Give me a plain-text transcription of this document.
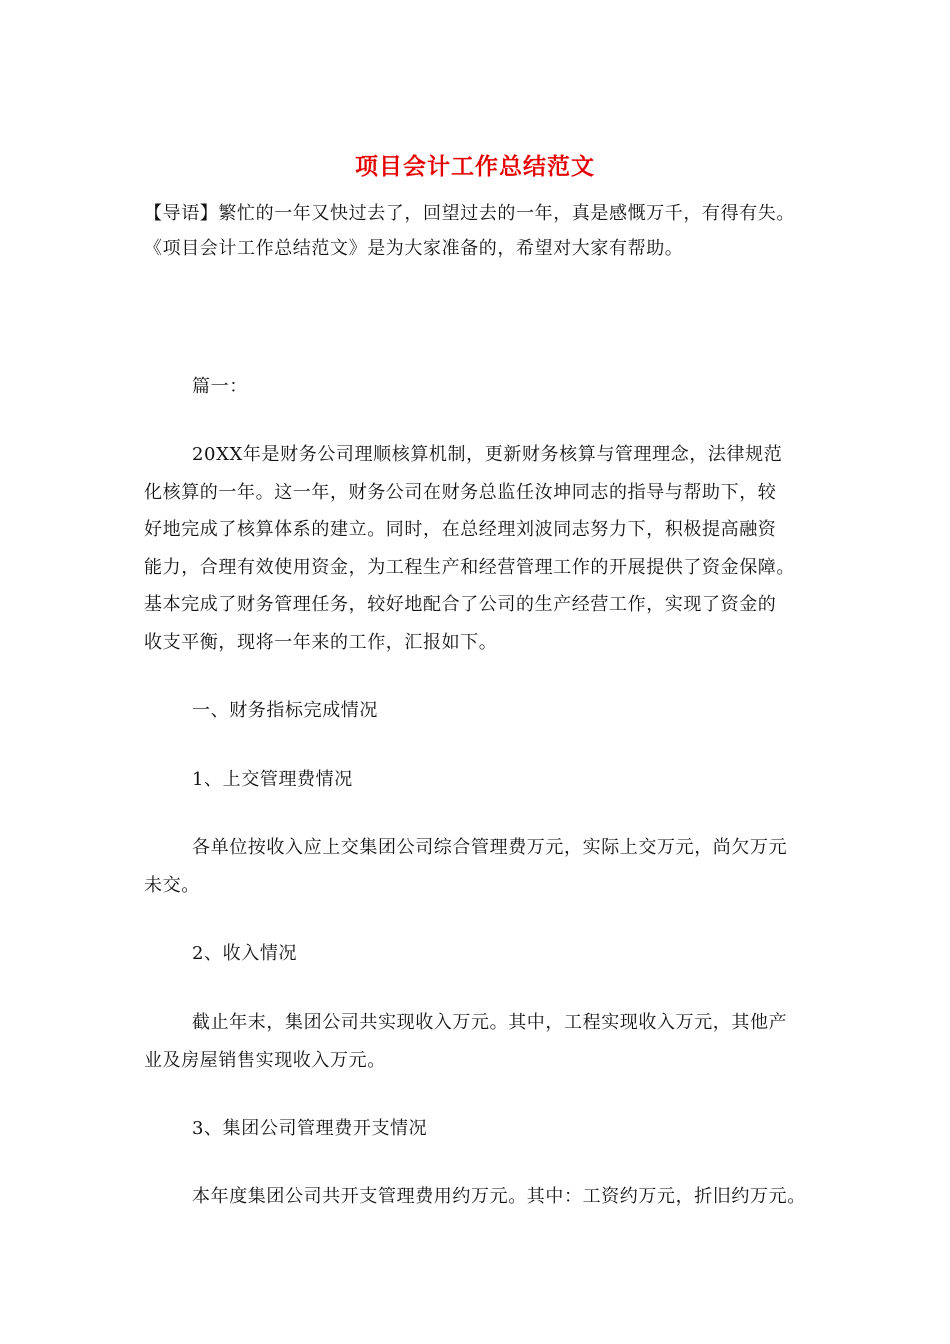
项目会计工作总结范文
【导语】繁忙的一年又快过去了，回望过去的一年，真是感慨万千，有得有失。
《项目会计工作总结范文》是为大家准备的，希望对大家有帮助。
篇一：
20XX年是财务公司理顺核算机制，更新财务核算与管理理念，法律规范
化核算的一年。这一年，财务公司在财务总监任汝坤同志的指导与帮助下，较
好地完成了核算体系的建立。同时，在总经理刘波同志努力下，积极提高融资
能力，合理有效使用资金，为工程生产和经营管理工作的开展提供了资金保障。
基本完成了财务管理任务，较好地配合了公司的生产经营工作，实现了资金的
收支平衡，现将一年来的工作，汇报如下。
一、财务指标完成情况
1、上交管理费情况
各单位按收入应上交集团公司综合管理费万元，实际上交万元，尚欠万元
未交。
2、收入情况
截止年末，集团公司共实现收入万元。其中，工程实现收入万元，其他产
业及房屋销售实现收入万元。
3、集团公司管理费开支情况
本年度集团公司共开支管理费用约万元。其中：工资约万元，折旧约万元。
